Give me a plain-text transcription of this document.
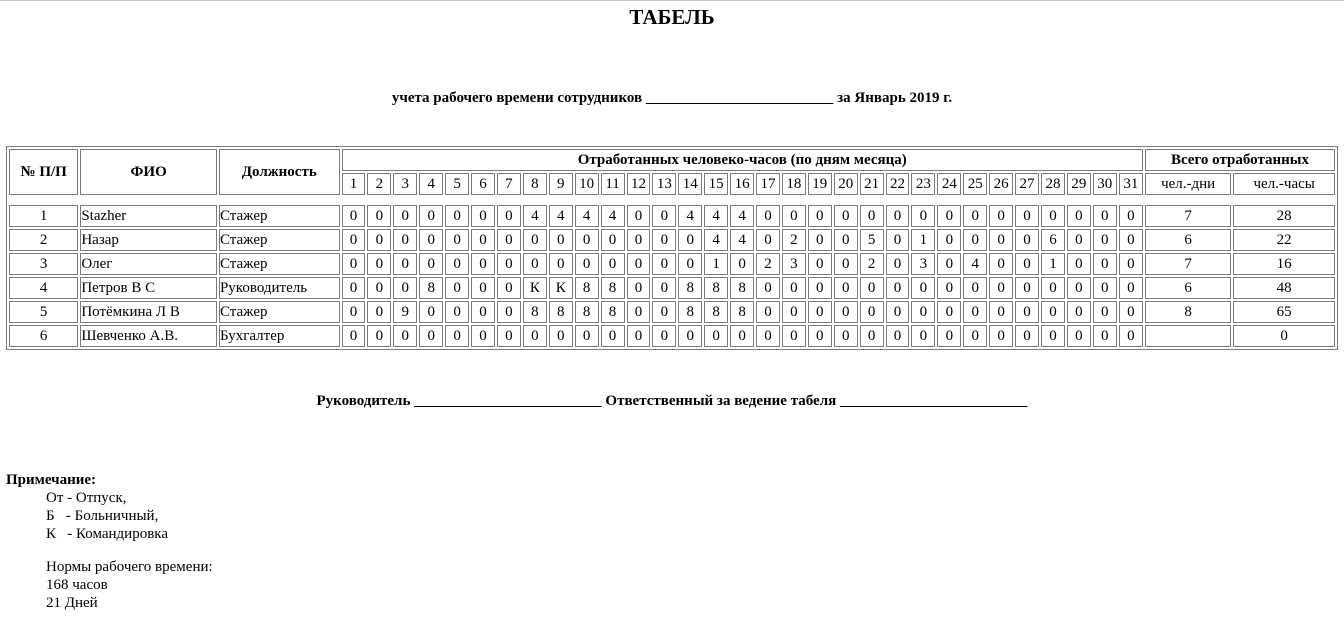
ТАБЕЛЬ
учета рабочего времени сотрудников	за Январь 2019 г.
№ П/П	ФИО	Должность	Отработанных человеко-часов (по дням месяца)																															Всего отработанных	
			1	2	3	4	5	6	7	8	9	10	11	12	13	14	15	16	17	18	19	20	21	22	23	24	25	26	27	28	29	30	31	чел.-дни	чел.-часы

1	Stazher	Стажер	0	0	0	0	0	0	0	4	4	4	4	0	0	4	4	4	0	0	0	0	0	0	0	0	0	0	0	0	0	0	0	7	28
2	Назар	Стажер	0	0	0	0	0	0	0	0	0	0	0	0	0	0	4	4	0	2	0	0	5	0	1	0	0	0	0	6	0	0	0	6	22
3	Олег	Стажер	0	0	0	0	0	0	0	0	0	0	0	0	0	0	1	0	2	3	0	0	2	0	3	0	4	0	0	1	0	0	0	7	16
4	Петров В С	Руководитель	0	0	0	8	0	0	0	К	К	8	8	0	0	8	8	8	0	0	0	0	0	0	0	0	0	0	0	0	0	0	0	6	48
5	Потёмкина Л В	Стажер	0	0	9	0	0	0	0	8	8	8	8	0	0	8	8	8	0	0	0	0	0	0	0	0	0	0	0	0	0	0	0	8	65
6	Шевченко А.В.	Бухгалтер	0	0	0	0	0	0	0	0	0	0	0	0	0	0	0	0	0	0	0	0	0	0	0	0	0	0	0	0	0	0	0		0
Руководитель	Ответственный за ведение табеля
Примечание:
От - Отпуск,
Б   - Больничный,
К   - Командировка
Нормы рабочего времени:
168 часов
21 Дней
